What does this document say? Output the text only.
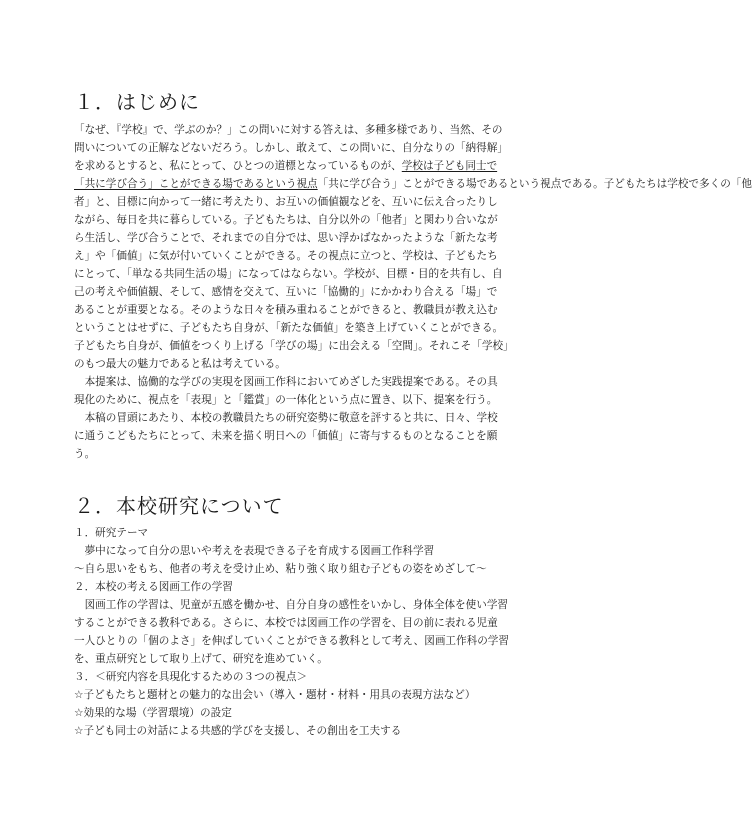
１．はじめに
「なぜ、『学校』で、学ぶのか？」この問いに対する答えは、多種多様であり、当然、その
問いについての正解などないだろう。しかし、敢えて、この問いに、自分なりの「納得解」
を求めるとすると、私にとって、ひとつの道標となっているものが、学校は子ども同士で
「共に学び合う」ことができる場であるという視点「共に学び合う」ことができる場であるという視点である。子どもたちは学校で多くの「他
者」と、目標に向かって一緒に考えたり、お互いの価値観などを、互いに伝え合ったりし
ながら、毎日を共に暮らしている。子どもたちは、自分以外の「他者」と関わり合いなが
ら生活し、学び合うことで、それまでの自分では、思い浮かばなかったような「新たな考
え」や「価値」に気が付いていくことができる。その視点に立つと、学校は、子どもたち
にとって、「単なる共同生活の場」になってはならない。学校が、目標・目的を共有し、自
己の考えや価値観、そして、感情を交えて、互いに「協働的」にかかわり合える「場」で
あることが重要となる。そのような日々を積み重ねることができると、教職員が教え込む
ということはせずに、子どもたち自身が、「新たな価値」を築き上げていくことができる。
子どもたち自身が、価値をつくり上げる「学びの場」に出会える「空間」。それこそ「学校」
のもつ最大の魅力であると私は考えている。
　本提案は、協働的な学びの実現を図画工作科においてめざした実践提案である。その具
現化のために、視点を「表現」と「鑑賞」の一体化という点に置き、以下、提案を行う。
　本稿の冒頭にあたり、本校の教職員たちの研究姿勢に敬意を評すると共に、日々、学校
に通うこどもたちにとって、未来を描く明日への「価値」に寄与するものとなることを願
う。
２．本校研究について
１．研究テーマ
　夢中になって自分の思いや考えを表現できる子を育成する図画工作科学習
〜自ら思いをもち、他者の考えを受け止め、粘り強く取り組む子どもの姿をめざして〜
２．本校の考える図画工作の学習
　図画工作の学習は、児童が五感を働かせ、自分自身の感性をいかし、身体全体を使い学習
することができる教科である。さらに、本校では図画工作の学習を、目の前に表れる児童
一人ひとりの「個のよさ」を伸ばしていくことができる教科として考え、図画工作科の学習
を、重点研究として取り上げて、研究を進めていく。
３．＜研究内容を具現化するための３つの視点＞
☆子どもたちと題材との魅力的な出会い（導入・題材・材料・用具の表現方法など）
☆効果的な場（学習環境）の設定
☆子ども同士の対話による共感的学びを支援し、その創出を工夫する
